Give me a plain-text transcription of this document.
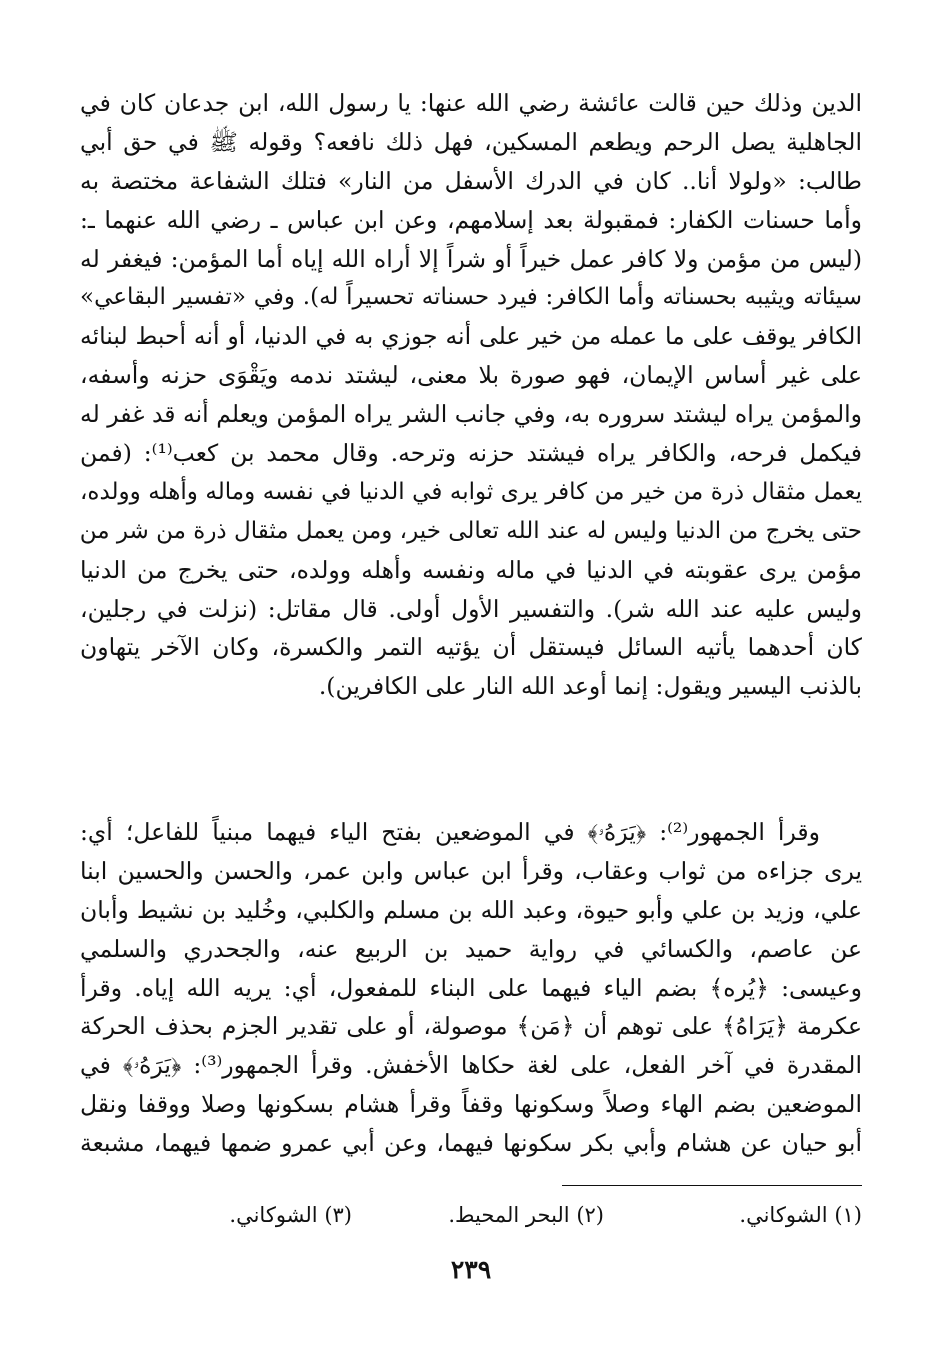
الدين وذلك حين قالت عائشة رضي الله عنها: يا رسول الله، ابن جدعان كان في
الجاهلية يصل الرحم ويطعم المسكين، فهل ذلك نافعه؟ وقوله ﷺ في حق أبي
طالب: «ولولا أنا.. كان في الدرك الأسفل من النار» فتلك الشفاعة مختصة به
وأما حسنات الكفار: فمقبولة بعد إسلامهم، وعن ابن عباس ـ رضي الله عنهما ـ:
(ليس من مؤمن ولا كافر عمل خيراً أو شراً إلا أراه الله إياه أما المؤمن: فيغفر له
سيئاته ويثيبه بحسناته وأما الكافر: فيرد حسناته تحسيراً له). وفي «تفسير البقاعي»
الكافر يوقف على ما عمله من خير على أنه جوزي به في الدنيا، أو أنه أحبط لبنائه
على غير أساس الإيمان، فهو صورة بلا معنى، ليشتد ندمه ويَقْوَى حزنه وأسفه،
والمؤمن يراه ليشتد سروره به، وفي جانب الشر يراه المؤمن ويعلم أنه قد غفر له
فيكمل فرحه، والكافر يراه فيشتد حزنه وترحه. وقال محمد بن كعب⁽¹⁾: (فمن
يعمل مثقال ذرة من خير من كافر يرى ثوابه في الدنيا في نفسه وماله وأهله وولده،
حتى يخرج من الدنيا وليس له عند الله تعالى خير، ومن يعمل مثقال ذرة من شر من
مؤمن يرى عقوبته في الدنيا في ماله ونفسه وأهله وولده، حتى يخرج من الدنيا
وليس عليه عند الله شر). والتفسير الأول أولى. قال مقاتل: (نزلت في رجلين،
كان أحدهما يأتيه السائل فيستقل أن يؤتيه التمر والكسرة، وكان الآخر يتهاون
بالذنب اليسير ويقول: إنما أوعد الله النار على الكافرين).
وقرأ الجمهور⁽²⁾: ﴿يَرَهُۥ﴾ في الموضعين بفتح الياء فيهما مبنياً للفاعل؛ أي:
يرى جزاءه من ثواب وعقاب، وقرأ ابن عباس وابن عمر، والحسن والحسين ابنا
علي، وزيد بن علي وأبو حيوة، وعبد الله بن مسلم والكلبي، وخُليد بن نشيط وأبان
عن عاصم، والكسائي في رواية حميد بن الربيع عنه، والجحدري والسلمي
وعيسى: ﴿يُره﴾ بضم الياء فيهما على البناء للمفعول، أي: يريه الله إياه. وقرأ
عكرمة ﴿يَرَاهُ﴾ على توهم أن ﴿مَن﴾ موصولة، أو على تقدير الجزم بحذف الحركة
المقدرة في آخر الفعل، على لغة حكاها الأخفش. وقرأ الجمهور⁽³⁾: ﴿يَرَهُۥ﴾ في
الموضعين بضم الهاء وصلاً وسكونها وقفاً وقرأ هشام بسكونها وصلا ووقفا ونقل
أبو حيان عن هشام وأبي بكر سكونها فيهما، وعن أبي عمرو ضمها فيهما، مشبعة
(١) الشوكاني.
(٢) البحر المحيط.
(٣) الشوكاني.
٢٣٩
